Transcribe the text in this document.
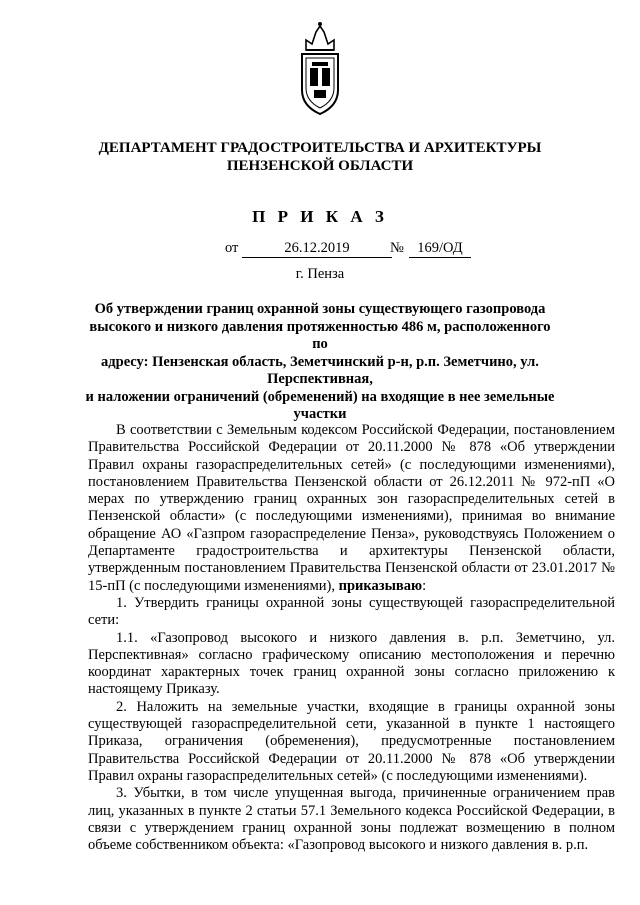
ДЕПАРТАМЕНТ ГРАДОСТРОИТЕЛЬСТВА И АРХИТЕКТУРЫ
ПЕНЗЕНСКОЙ ОБЛАСТИ
П Р И К А З
от	26.12.2019	№ 169/ОД
г. Пенза
Об утверждении границ охранной зоны существующего газопровода
высокого и низкого давления протяженностью 486 м, расположенного по
адресу: Пензенская область, Земетчинский р-н, р.п. Земетчино, ул.
Перспективная,
и наложении ограничений (обременений) на входящие в нее земельные
участки

В соответствии с Земельным кодексом Российской Федерации, постановлением Правительства Российской Федерации от 20.11.2000 № 878 «Об утверждении Правил охраны газораспределительных сетей» (с последующими изменениями), постановлением Правительства Пензенской области от 26.12.2011 № 972-пП «О мерах по утверждению границ охранных зон газораспределительных сетей в Пензенской области» (с последующими изменениями), принимая во внимание обращение АО «Газпром газораспределение Пенза», руководствуясь Положением о Департаменте градостроительства и архитектуры Пензенской области, утвержденным постановлением Правительства Пензенской области от 23.01.2017 № 15-пП (с последующими изменениями), приказываю:

1. Утвердить границы охранной зоны существующей газораспределительной сети:

1.1. «Газопровод высокого и низкого давления в. р.п. Земетчино, ул. Перспективная» согласно графическому описанию местоположения и перечню координат характерных точек границ охранной зоны согласно приложению к настоящему Приказу.

2. Наложить на земельные участки, входящие в границы охранной зоны существующей газораспределительной сети, указанной в пункте 1 настоящего Приказа, ограничения (обременения), предусмотренные постановлением Правительства Российской Федерации от 20.11.2000 № 878 «Об утверждении Правил охраны газораспределительных сетей» (с последующими изменениями).

3. Убытки, в том числе упущенная выгода, причиненные ограничением прав лиц, указанных в пункте 2 статьи 57.1 Земельного кодекса Российской Федерации, в связи с утверждением границ охранной зоны подлежат возмещению в полном объеме собственником объекта: «Газопровод высокого и низкого давления в. р.п.
